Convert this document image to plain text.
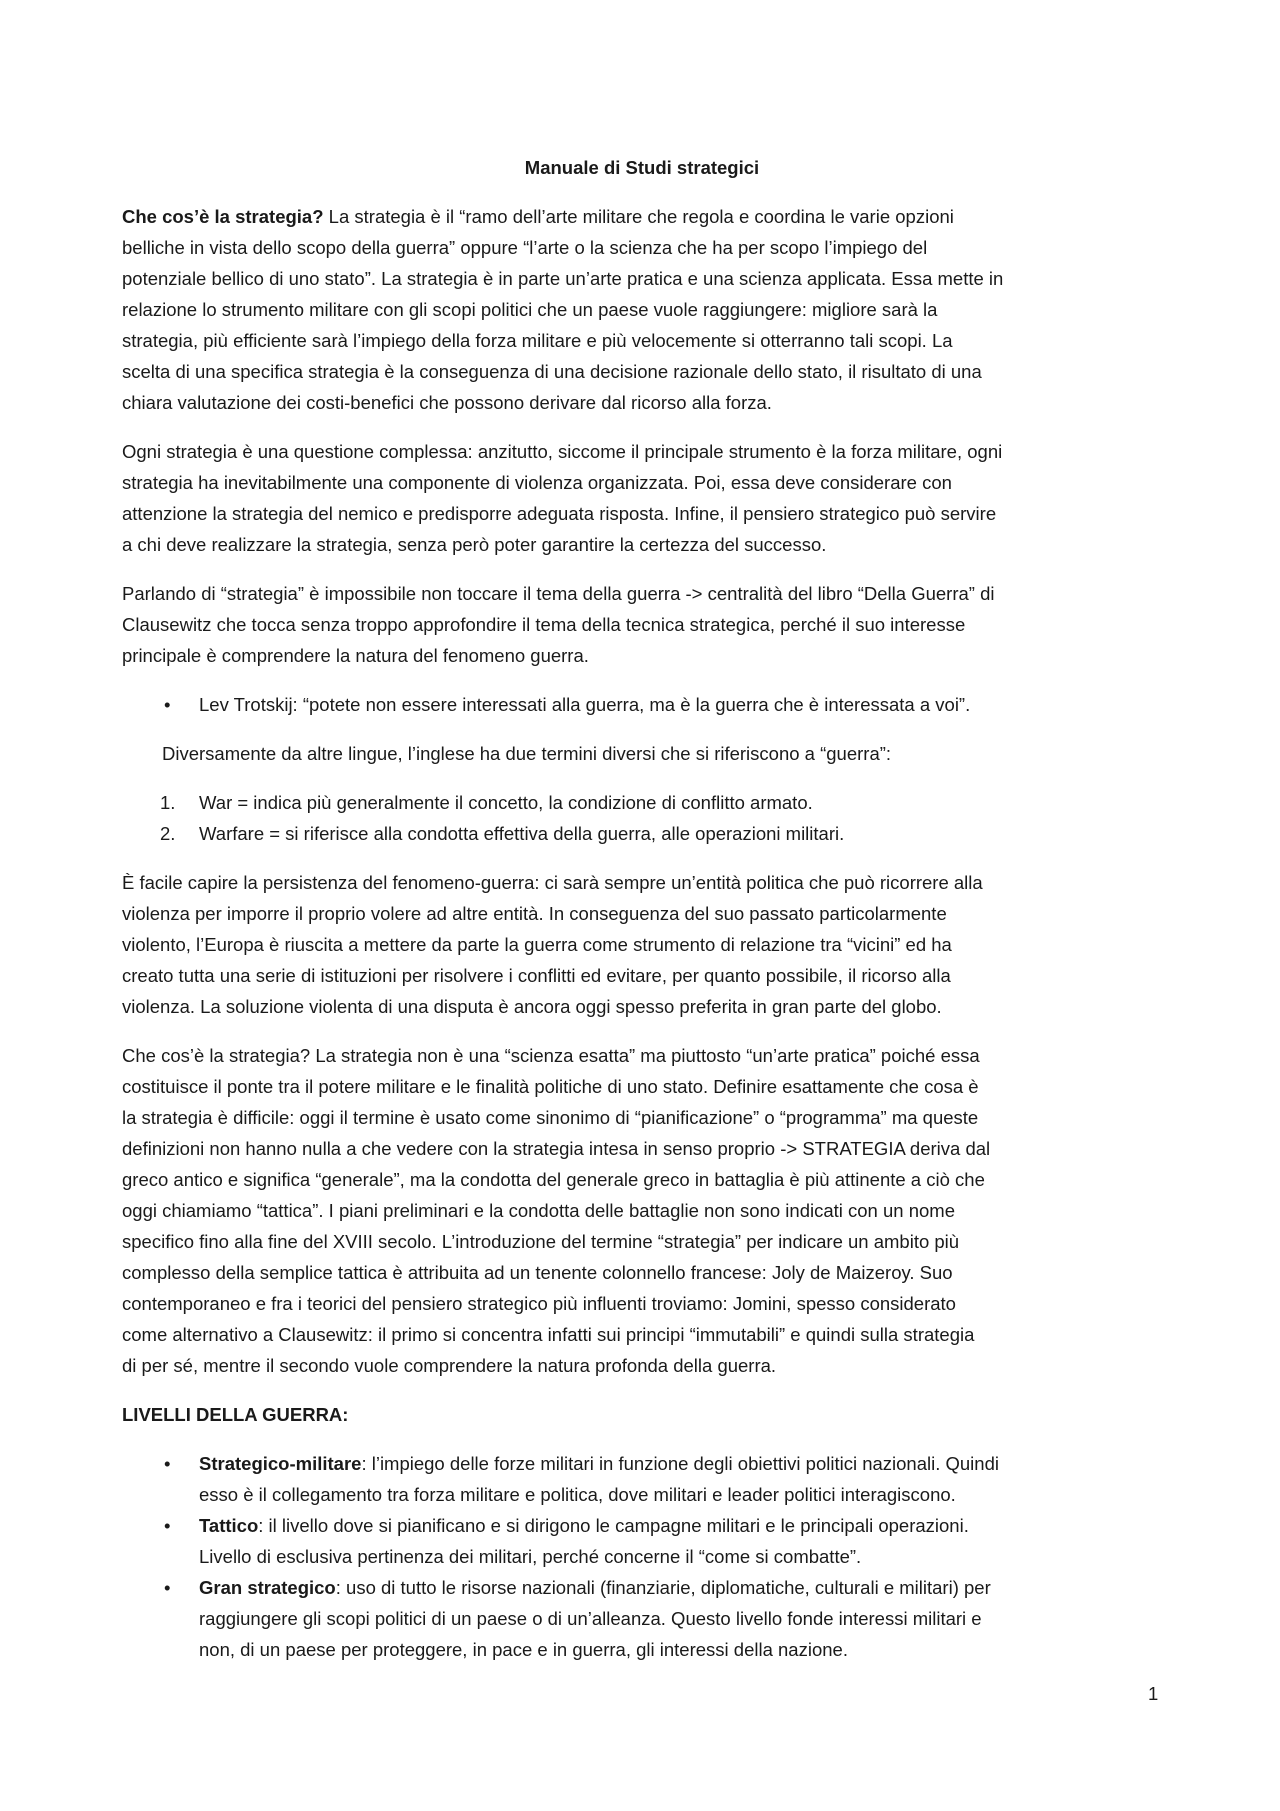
Manuale di Studi strategici
Che cos’è la strategia? La strategia è il “ramo dell’arte militare che regola e coordina le varie opzioni
belliche in vista dello scopo della guerra” oppure “l’arte o la scienza che ha per scopo l’impiego del
potenziale bellico di uno stato”. La strategia è in parte un’arte pratica e una scienza applicata. Essa mette in
relazione lo strumento militare con gli scopi politici che un paese vuole raggiungere: migliore sarà la
strategia, più efficiente sarà l’impiego della forza militare e più velocemente si otterranno tali scopi. La
scelta di una specifica strategia è la conseguenza di una decisione razionale dello stato, il risultato di una
chiara valutazione dei costi-benefici che possono derivare dal ricorso alla forza.
Ogni strategia è una questione complessa: anzitutto, siccome il principale strumento è la forza militare, ogni
strategia ha inevitabilmente una componente di violenza organizzata. Poi, essa deve considerare con
attenzione la strategia del nemico e predisporre adeguata risposta. Infine, il pensiero strategico può servire
a chi deve realizzare la strategia, senza però poter garantire la certezza del successo.
Parlando di “strategia” è impossibile non toccare il tema della guerra -> centralità del libro “Della Guerra” di
Clausewitz che tocca senza troppo approfondire il tema della tecnica strategica, perché il suo interesse
principale è comprendere la natura del fenomeno guerra.
• Lev Trotskij: “potete non essere interessati alla guerra, ma è la guerra che è interessata a voi”.
Diversamente da altre lingue, l’inglese ha due termini diversi che si riferiscono a “guerra”:
1. War = indica più generalmente il concetto, la condizione di conflitto armato.
2. Warfare = si riferisce alla condotta effettiva della guerra, alle operazioni militari.
È facile capire la persistenza del fenomeno-guerra: ci sarà sempre un’entità politica che può ricorrere alla
violenza per imporre il proprio volere ad altre entità. In conseguenza del suo passato particolarmente
violento, l’Europa è riuscita a mettere da parte la guerra come strumento di relazione tra “vicini” ed ha
creato tutta una serie di istituzioni per risolvere i conflitti ed evitare, per quanto possibile, il ricorso alla
violenza. La soluzione violenta di una disputa è ancora oggi spesso preferita in gran parte del globo.
Che cos’è la strategia? La strategia non è una “scienza esatta” ma piuttosto “un’arte pratica” poiché essa
costituisce il ponte tra il potere militare e le finalità politiche di uno stato. Definire esattamente che cosa è
la strategia è difficile: oggi il termine è usato come sinonimo di “pianificazione” o “programma” ma queste
definizioni non hanno nulla a che vedere con la strategia intesa in senso proprio -> STRATEGIA deriva dal
greco antico e significa “generale”, ma la condotta del generale greco in battaglia è più attinente a ciò che
oggi chiamiamo “tattica”. I piani preliminari e la condotta delle battaglie non sono indicati con un nome
specifico fino alla fine del XVIII secolo. L’introduzione del termine “strategia” per indicare un ambito più
complesso della semplice tattica è attribuita ad un tenente colonnello francese: Joly de Maizeroy. Suo
contemporaneo e fra i teorici del pensiero strategico più influenti troviamo: Jomini, spesso considerato
come alternativo a Clausewitz: il primo si concentra infatti sui principi “immutabili” e quindi sulla strategia
di per sé, mentre il secondo vuole comprendere la natura profonda della guerra.
LIVELLI DELLA GUERRA:
• Strategico-militare: l’impiego delle forze militari in funzione degli obiettivi politici nazionali. Quindi
esso è il collegamento tra forza militare e politica, dove militari e leader politici interagiscono.
• Tattico: il livello dove si pianificano e si dirigono le campagne militari e le principali operazioni.
Livello di esclusiva pertinenza dei militari, perché concerne il “come si combatte”.
• Gran strategico: uso di tutto le risorse nazionali (finanziarie, diplomatiche, culturali e militari) per
raggiungere gli scopi politici di un paese o di un’alleanza. Questo livello fonde interessi militari e
non, di un paese per proteggere, in pace e in guerra, gli interessi della nazione.
1
